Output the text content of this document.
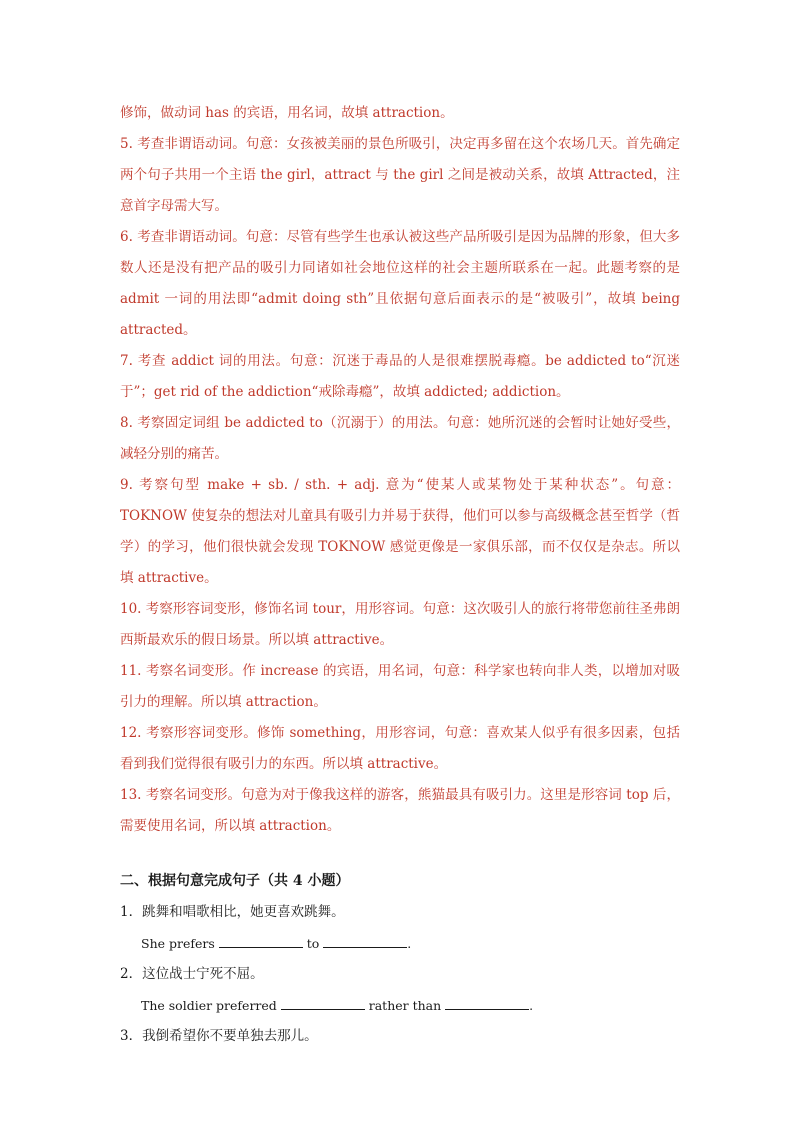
修饰，做动词 has 的宾语，用名词，故填 attraction。

5. 考查非谓语动词。句意：女孩被美丽的景色所吸引，决定再多留在这个农场几天。首先确定两个句子共用一个主语 the girl，attract 与 the girl 之间是被动关系，故填 Attracted，注意首字母需大写。

6. 考查非谓语动词。句意：尽管有些学生也承认被这些产品所吸引是因为品牌的形象，但大多数人还是没有把产品的吸引力同诸如社会地位这样的社会主题所联系在一起。此题考察的是 admit 一词的用法即“admit doing sth”且依据句意后面表示的是“被吸引”，故填 being attracted。

7. 考查 addict 词的用法。句意：沉迷于毒品的人是很难摆脱毒瘾。be addicted to“沉迷于”；get rid of the addiction“戒除毒瘾”，故填 addicted; addiction。

8. 考察固定词组 be addicted to（沉溺于）的用法。句意：她所沉迷的会暂时让她好受些，减轻分别的痛苦。

9. 考察句型 make + sb. / sth. + adj. 意为“使某人或某物处于某种状态”。句意：TOKNOW 使复杂的想法对儿童具有吸引力并易于获得，他们可以参与高级概念甚至哲学（哲学）的学习，他们很快就会发现 TOKNOW 感觉更像是一家俱乐部，而不仅仅是杂志。所以填 attractive。

10. 考察形容词变形，修饰名词 tour，用形容词。句意：这次吸引人的旅行将带您前往圣弗朗西斯最欢乐的假日场景。所以填 attractive。

11. 考察名词变形。作 increase 的宾语，用名词，句意：科学家也转向非人类，以增加对吸引力的理解。所以填 attraction。

12. 考察形容词变形。修饰 something，用形容词，句意：喜欢某人似乎有很多因素，包括看到我们觉得很有吸引力的东西。所以填 attractive。

13. 考察名词变形。句意为对于像我这样的游客，熊猫最具有吸引力。这里是形容词 top 后，需要使用名词，所以填 attraction。

二、根据句意完成句子（共 4 小题）

1．跳舞和唱歌相比，她更喜欢跳舞。

She prefers	to	.

2．这位战士宁死不屈。

The soldier preferred	rather than	.

3．我倒希望你不要单独去那儿。
